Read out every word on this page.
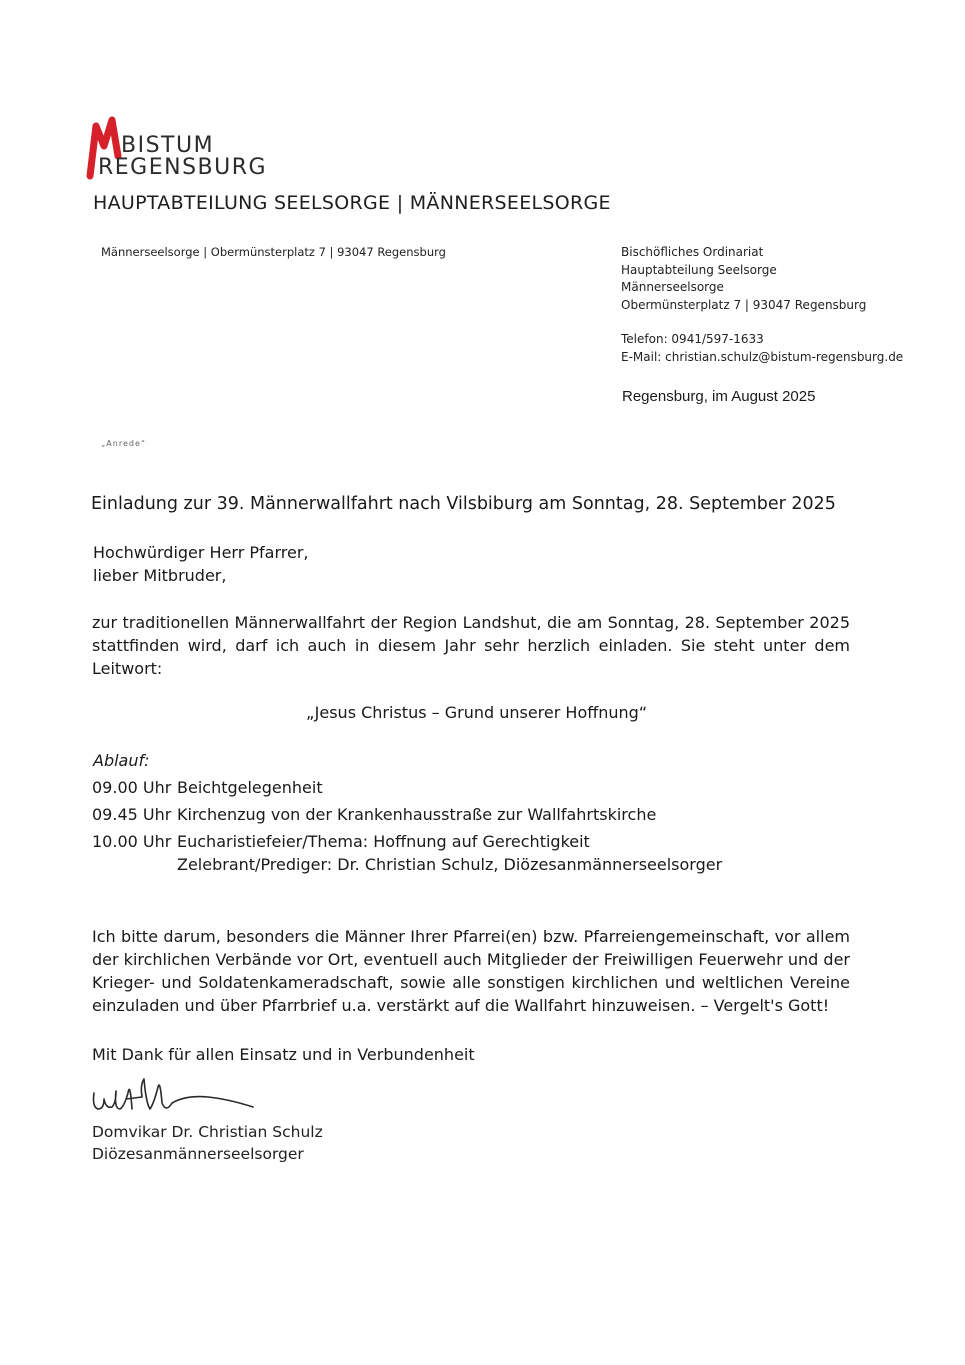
BISTUM
REGENSBURG
HAUPTABTEILUNG SEELSORGE | MÄNNERSEELSORGE
Männerseelsorge | Obermünsterplatz 7 | 93047 Regensburg	Bischöfliches Ordinariat

Hauptabteilung Seelsorge

Männerseelsorge

Obermünsterplatz 7 | 93047 Regensburg

Telefon: 0941/597-1633

E-Mail: christian.schulz@bistum-regensburg.de

Regensburg, im August 2025
„Anrede“
Einladung zur 39. Männerwallfahrt nach Vilsbiburg am Sonntag, 28. September 2025

Hochwürdiger Herr Pfarrer,

lieber Mitbruder,

zur traditionellen Männerwallfahrt der Region Landshut, die am Sonntag, 28. September 2025 stattfinden wird, darf ich auch in diesem Jahr sehr herzlich einladen. Sie steht unter dem Leitwort:
„Jesus Christus – Grund unserer Hoffnung“
Ablauf:
09.00 Uhr Beichtgelegenheit
09.45 Uhr Kirchenzug von der Krankenhausstraße zur Wallfahrtskirche
10.00 Uhr Eucharistiefeier/Thema: Hoffnung auf Gerechtigkeit
Zelebrant/Prediger: Dr. Christian Schulz, Diözesanmännerseelsorger
Ich bitte darum, besonders die Männer Ihrer Pfarrei(en) bzw. Pfarreiengemeinschaft, vor allem der kirchlichen Verbände vor Ort, eventuell auch Mitglieder der Freiwilligen Feuerwehr und der Krieger- und Soldatenkameradschaft, sowie alle sonstigen kirchlichen und weltlichen Vereine einzuladen und über Pfarrbrief u.a. verstärkt auf die Wallfahrt hinzuweisen. – Vergelt's Gott!
Mit Dank für allen Einsatz und in Verbundenheit

Domvikar Dr. Christian Schulz

Diözesanmännerseelsorger
